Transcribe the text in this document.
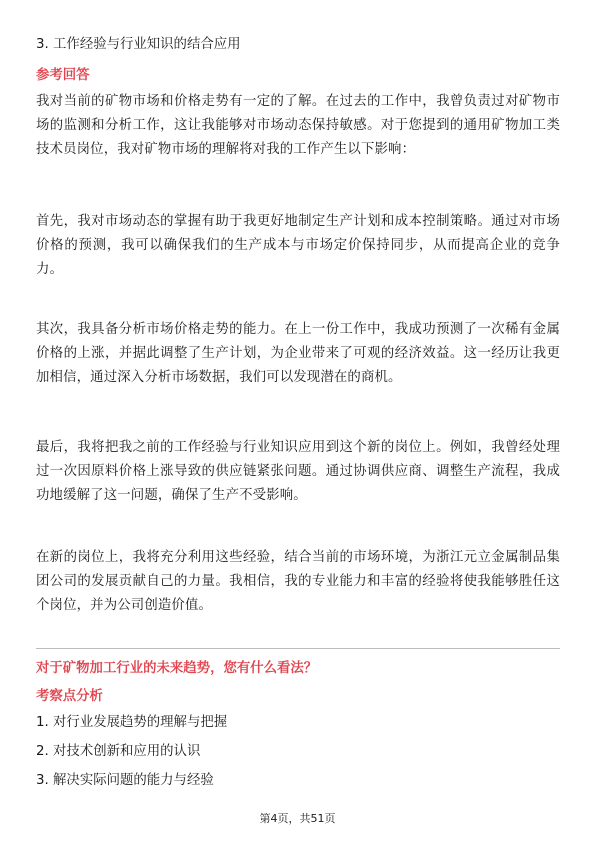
3. 工作经验与行业知识的结合应用

参考回答

我对当前的矿物市场和价格走势有一定的了解。在过去的工作中，我曾负责过对矿物市场的监测和分析工作，这让我能够对市场动态保持敏感。对于您提到的通用矿物加工类技术员岗位，我对矿物市场的理解将对我的工作产生以下影响：

首先，我对市场动态的掌握有助于我更好地制定生产计划和成本控制策略。通过对市场价格的预测，我可以确保我们的生产成本与市场定价保持同步，从而提高企业的竞争力。

其次，我具备分析市场价格走势的能力。在上一份工作中，我成功预测了一次稀有金属价格的上涨，并据此调整了生产计划，为企业带来了可观的经济效益。这一经历让我更加相信，通过深入分析市场数据，我们可以发现潜在的商机。

最后，我将把我之前的工作经验与行业知识应用到这个新的岗位上。例如，我曾经处理过一次因原料价格上涨导致的供应链紧张问题。通过协调供应商、调整生产流程，我成功地缓解了这一问题，确保了生产不受影响。

在新的岗位上，我将充分利用这些经验，结合当前的市场环境，为浙江元立金属制品集团公司的发展贡献自己的力量。我相信，我的专业能力和丰富的经验将使我能够胜任这个岗位，并为公司创造价值。

对于矿物加工行业的未来趋势，您有什么看法？

考察点分析

1. 对行业发展趋势的理解与把握

2. 对技术创新和应用的认识

3. 解决实际问题的能力与经验

第4页，共51页
